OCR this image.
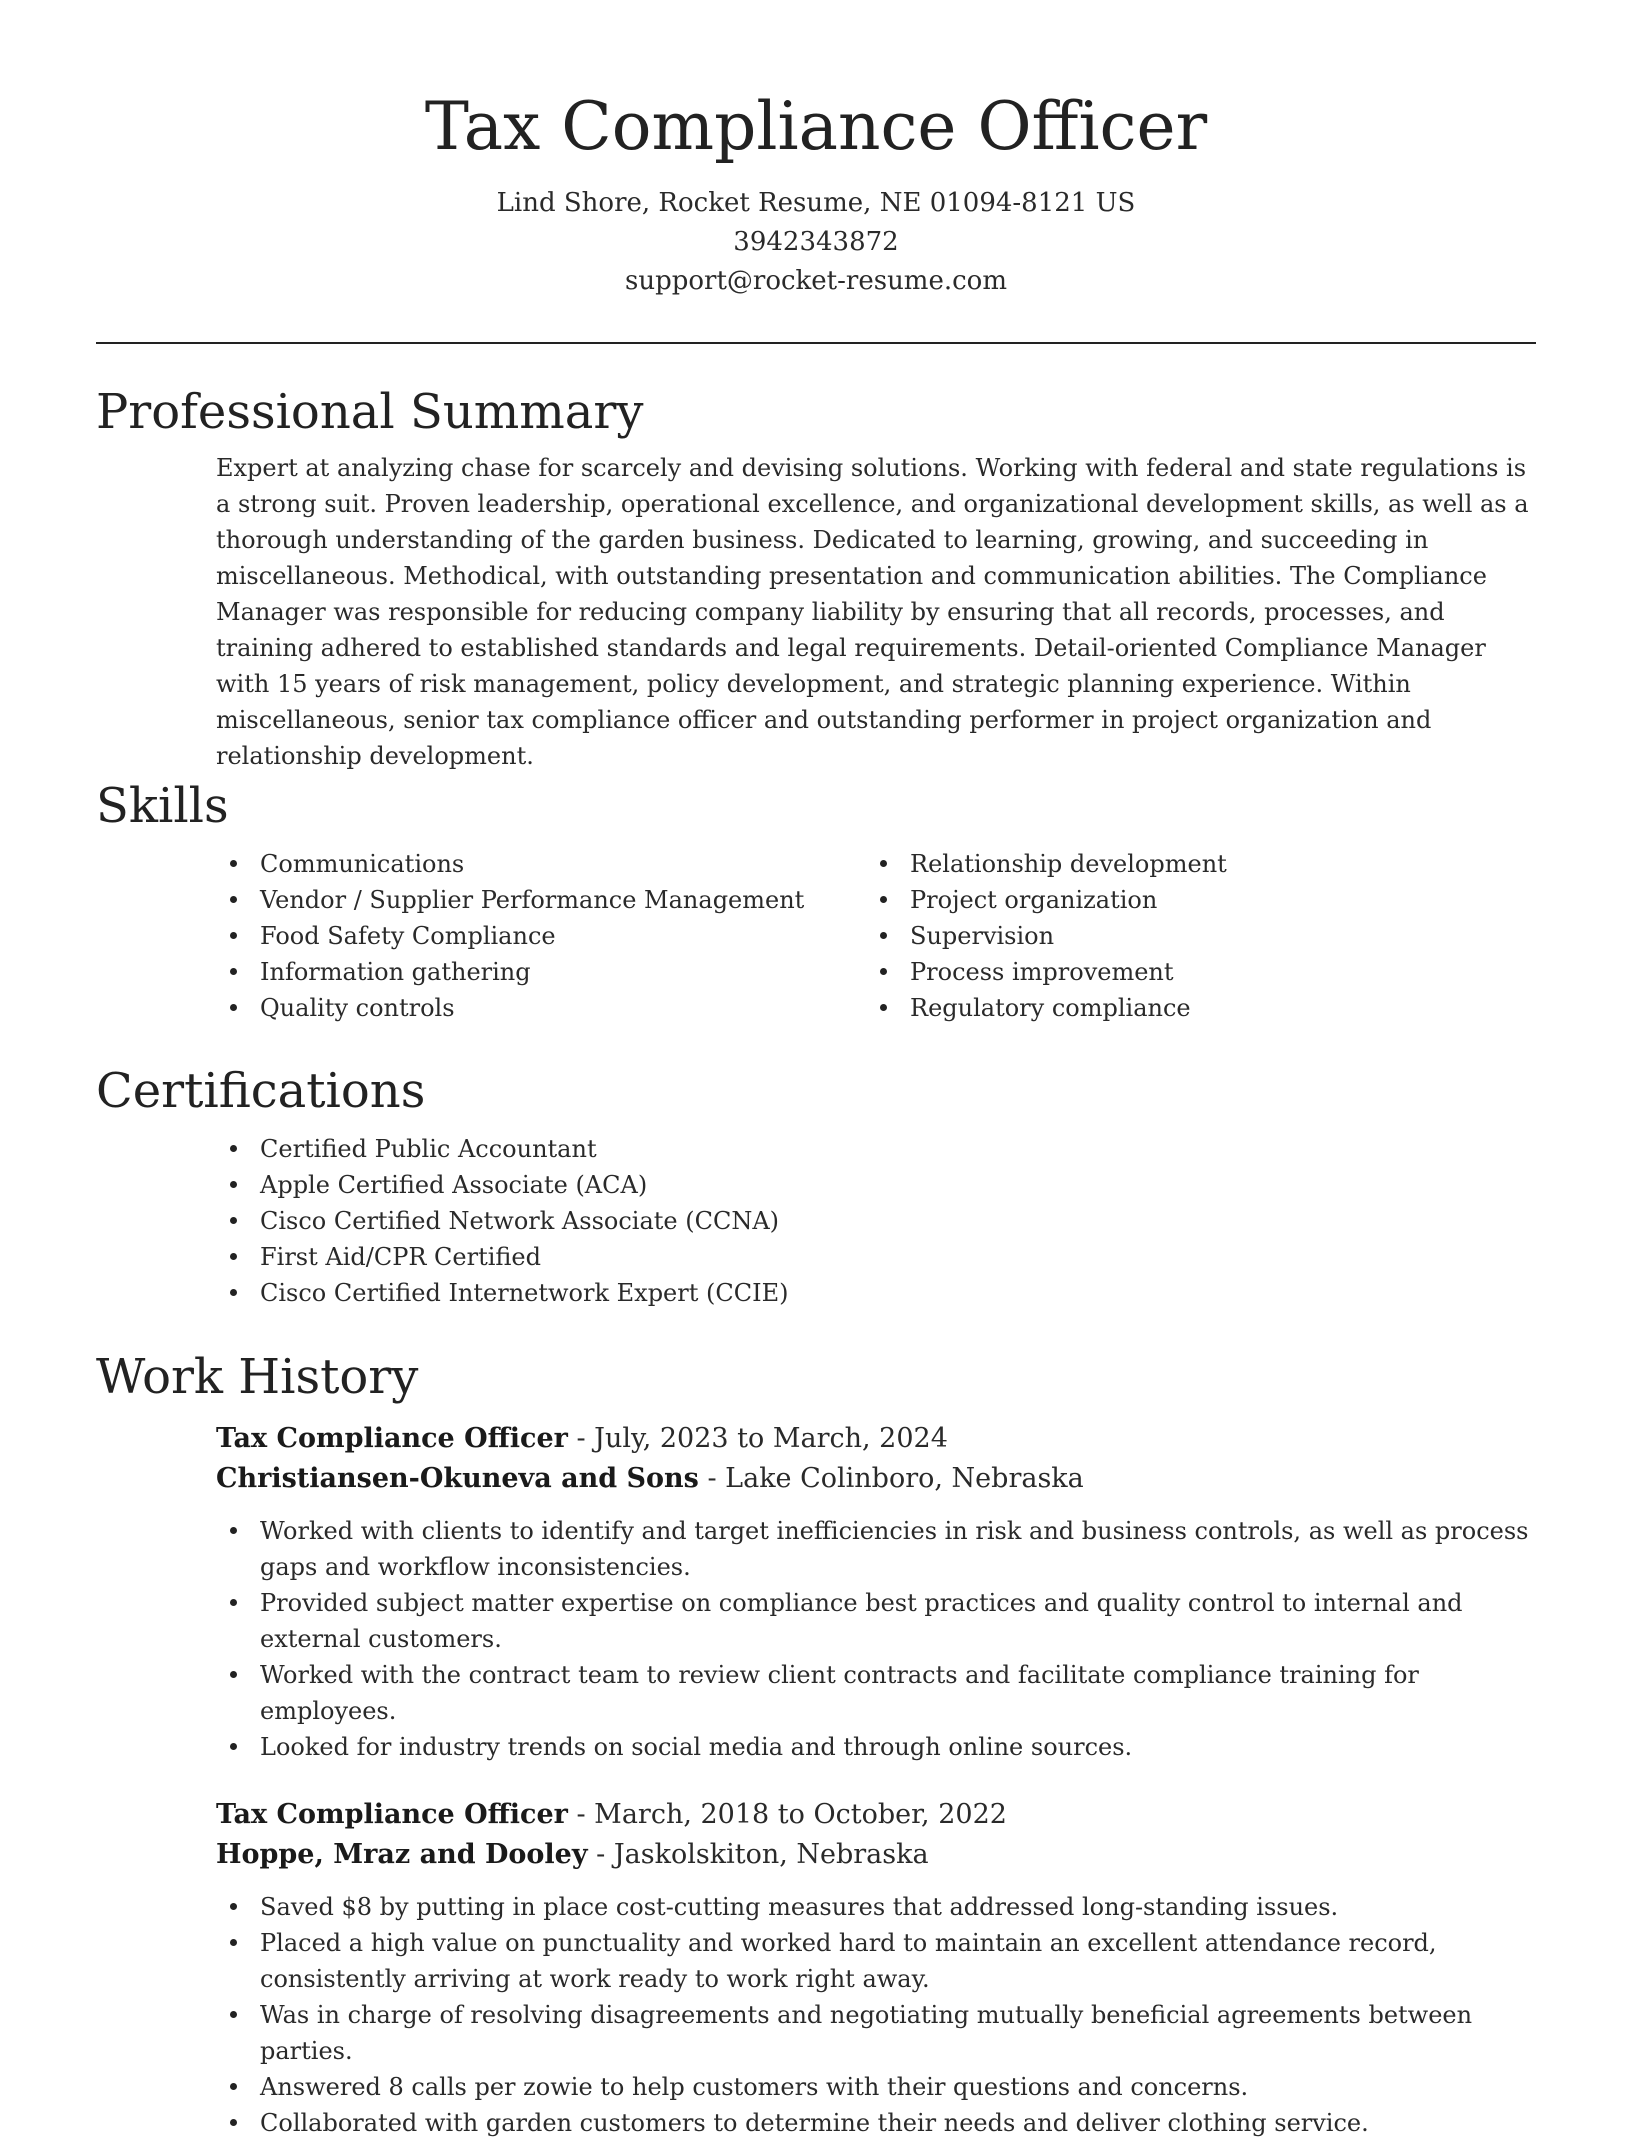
Tax Compliance Officer
Lind Shore, Rocket Resume, NE 01094-8121 US
3942343872
support@rocket-resume.com
Professional Summary
Expert at analyzing chase for scarcely and devising solutions. Working with federal and state regulations is a strong suit. Proven leadership, operational excellence, and organizational development skills, as well as a thorough understanding of the garden business. Dedicated to learning, growing, and succeeding in miscellaneous. Methodical, with outstanding presentation and communication abilities. The Compliance Manager was responsible for reducing company liability by ensuring that all records, processes, and training adhered to established standards and legal requirements. Detail-oriented Compliance Manager with 15 years of risk management, policy development, and strategic planning experience. Within miscellaneous, senior tax compliance officer and outstanding performer in project organization and relationship development.
Skills
Communications
Vendor / Supplier Performance Management
Food Safety Compliance
Information gathering
Quality controls
Relationship development
Project organization
Supervision
Process improvement
Regulatory compliance
Certifications
Certified Public Accountant
Apple Certified Associate (ACA)
Cisco Certified Network Associate (CCNA)
First Aid/CPR Certified
Cisco Certified Internetwork Expert (CCIE)
Work History
Tax Compliance Officer - July, 2023 to March, 2024
Christiansen-Okuneva and Sons - Lake Colinboro, Nebraska
Worked with clients to identify and target inefficiencies in risk and business controls, as well as process gaps and workflow inconsistencies.
Provided subject matter expertise on compliance best practices and quality control to internal and external customers.
Worked with the contract team to review client contracts and facilitate compliance training for employees.
Looked for industry trends on social media and through online sources.
Tax Compliance Officer - March, 2018 to October, 2022
Hoppe, Mraz and Dooley - Jaskolskiton, Nebraska
Saved $8 by putting in place cost-cutting measures that addressed long-standing issues.
Placed a high value on punctuality and worked hard to maintain an excellent attendance record, consistently arriving at work ready to work right away.
Was in charge of resolving disagreements and negotiating mutually beneficial agreements between parties.
Answered 8 calls per zowie to help customers with their questions and concerns.
Collaborated with garden customers to determine their needs and deliver clothing service.
